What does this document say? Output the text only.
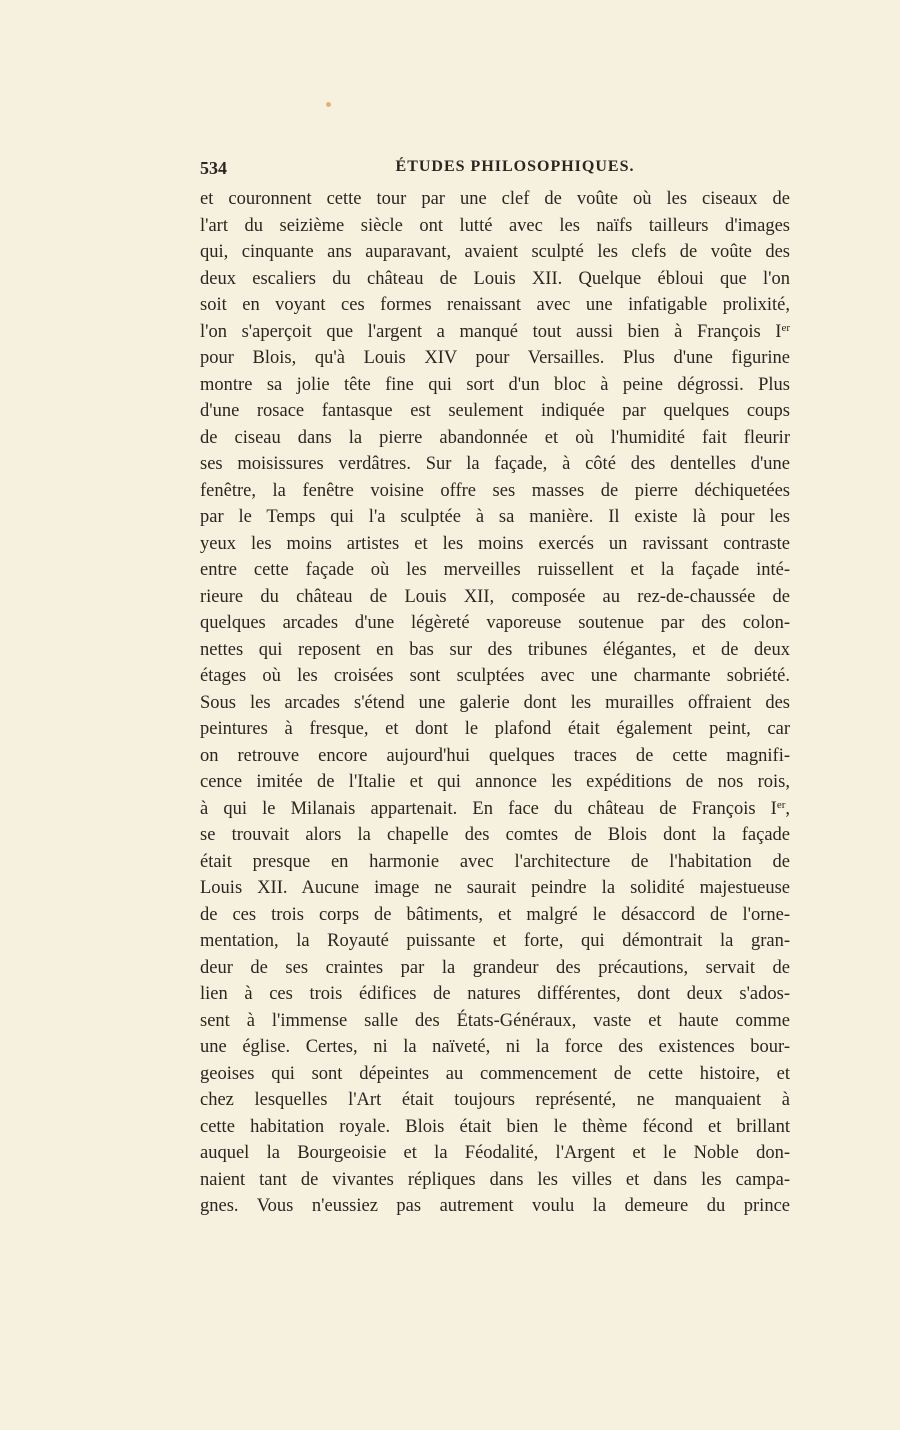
534	ÉTUDES PHILOSOPHIQUES.
et couronnent cette tour par une clef de voûte où les ciseaux de
l'art du seizième siècle ont lutté avec les naïfs tailleurs d'images
qui, cinquante ans auparavant, avaient sculpté les clefs de voûte des
deux escaliers du château de Louis XII. Quelque ébloui que l'on
soit en voyant ces formes renaissant avec une infatigable prolixité,
l'on s'aperçoit que l'argent a manqué tout aussi bien à François Ier
pour Blois, qu'à Louis XIV pour Versailles. Plus d'une figurine
montre sa jolie tête fine qui sort d'un bloc à peine dégrossi. Plus
d'une rosace fantasque est seulement indiquée par quelques coups
de ciseau dans la pierre abandonnée et où l'humidité fait fleurir
ses moisissures verdâtres. Sur la façade, à côté des dentelles d'une
fenêtre, la fenêtre voisine offre ses masses de pierre déchiquetées
par le Temps qui l'a sculptée à sa manière. Il existe là pour les
yeux les moins artistes et les moins exercés un ravissant contraste
entre cette façade où les merveilles ruissellent et la façade inté-
rieure du château de Louis XII, composée au rez-de-chaussée de
quelques arcades d'une légèreté vaporeuse soutenue par des colon-
nettes qui reposent en bas sur des tribunes élégantes, et de deux
étages où les croisées sont sculptées avec une charmante sobriété.
Sous les arcades s'étend une galerie dont les murailles offraient des
peintures à fresque, et dont le plafond était également peint, car
on retrouve encore aujourd'hui quelques traces de cette magnifi-
cence imitée de l'Italie et qui annonce les expéditions de nos rois,
à qui le Milanais appartenait. En face du château de François Ier,
se trouvait alors la chapelle des comtes de Blois dont la façade
était presque en harmonie avec l'architecture de l'habitation de
Louis XII. Aucune image ne saurait peindre la solidité majestueuse
de ces trois corps de bâtiments, et malgré le désaccord de l'orne-
mentation, la Royauté puissante et forte, qui démontrait la gran-
deur de ses craintes par la grandeur des précautions, servait de
lien à ces trois édifices de natures différentes, dont deux s'ados-
sent à l'immense salle des États-Généraux, vaste et haute comme
une église. Certes, ni la naïveté, ni la force des existences bour-
geoises qui sont dépeintes au commencement de cette histoire, et
chez lesquelles l'Art était toujours représenté, ne manquaient à
cette habitation royale. Blois était bien le thème fécond et brillant
auquel la Bourgeoisie et la Féodalité, l'Argent et le Noble don-
naient tant de vivantes répliques dans les villes et dans les campa-
gnes. Vous n'eussiez pas autrement voulu la demeure du prince
